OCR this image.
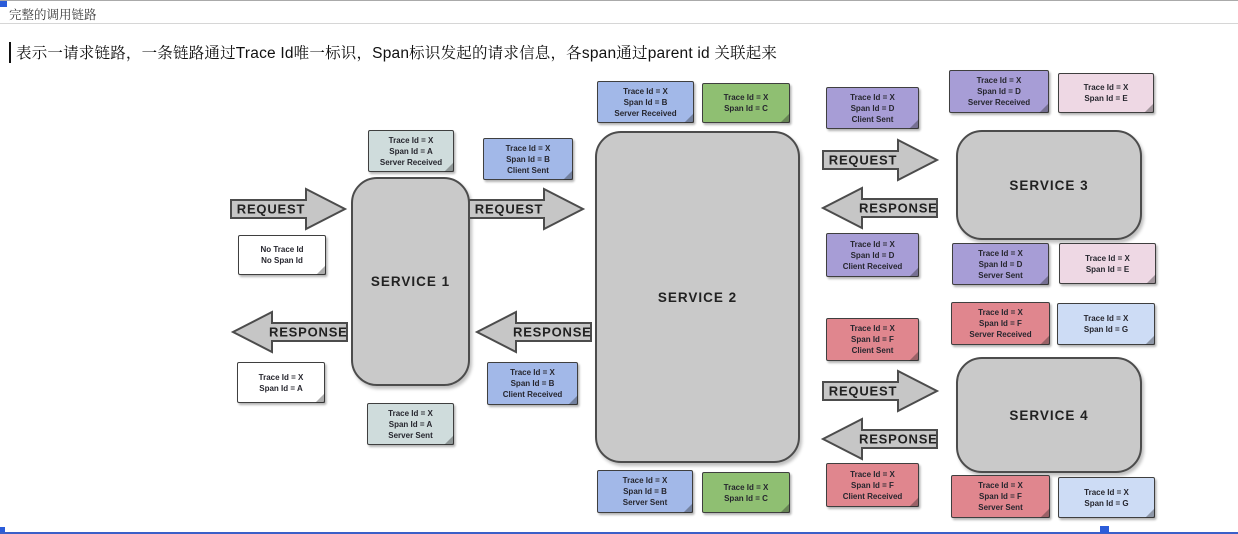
完整的调用链路
表示一请求链路，一条链路通过Trace Id唯一标识，Span标识发起的请求信息，各span通过parent id 关联起来
SERVICE 1
SERVICE 2
SERVICE 3
SERVICE 4
REQUEST
RESPONSE
REQUEST
RESPONSE
REQUEST
RESPONSE
REQUEST
RESPONSE
Trace Id = X
Span Id = A
Server Received
No Trace Id
No Span Id
Trace Id = X
Span Id = A
Trace Id = X
Span Id = A
Server Sent
Trace Id = X
Span Id = B
Client Sent
Trace Id = X
Span Id = B
Client Received
Trace Id = X
Span Id = B
Server Received
Trace Id = X
Span Id = C
Trace Id = X
Span Id = B
Server Sent
Trace Id = X
Span Id = C
Trace Id = X
Span Id = D
Client Sent
Trace Id = X
Span Id = D
Client Received
Trace Id = X
Span Id = D
Server Received
Trace Id = X
Span Id = E
Trace Id = X
Span Id = D
Server Sent
Trace Id = X
Span Id = E
Trace Id = X
Span Id = F
Client Sent
Trace Id = X
Span Id = F
Client Received
Trace Id = X
Span Id = F
Server Received
Trace Id = X
Span Id = G
Trace Id = X
Span Id = F
Server Sent
Trace Id = X
Span Id = G
